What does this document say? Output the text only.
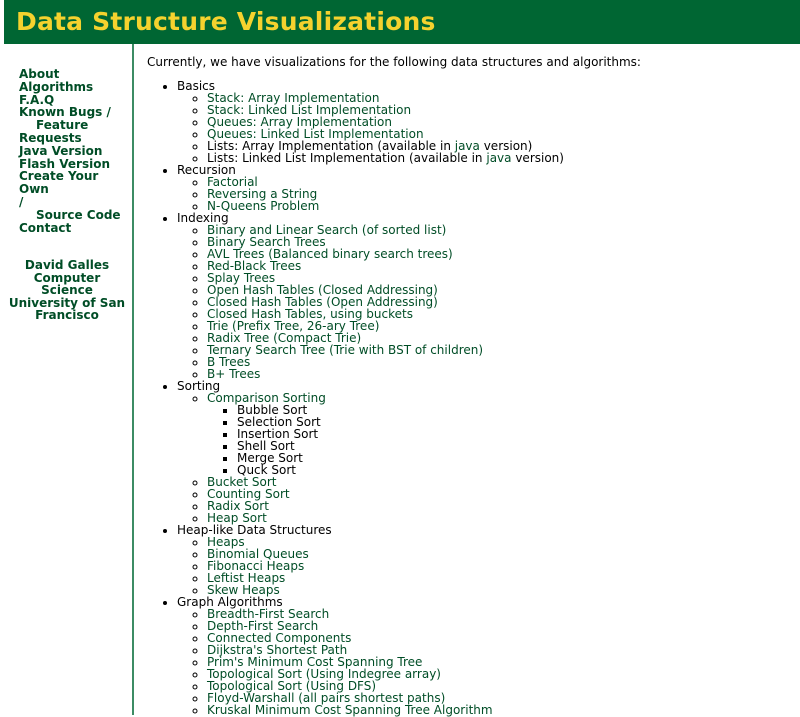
Data Structure Visualizations
About
Algorithms
F.A.Q
Known Bugs /
Feature
Requests
Java Version
Flash Version
Create Your Own
/
Source Code
Contact
David Galles
Computer Science
University of San
Francisco

Currently, we have visualizations for the following data structures and algorithms:

• Basics
◦ Stack: Array Implementation
◦ Stack: Linked List Implementation
◦ Queues: Array Implementation
◦ Queues: Linked List Implementation
◦ Lists: Array Implementation (available in java version)
◦ Lists: Linked List Implementation (available in java version)
• Recursion
◦ Factorial
◦ Reversing a String
◦ N-Queens Problem
• Indexing
◦ Binary and Linear Search (of sorted list)
◦ Binary Search Trees
◦ AVL Trees (Balanced binary search trees)
◦ Red-Black Trees
◦ Splay Trees
◦ Open Hash Tables (Closed Addressing)
◦ Closed Hash Tables (Open Addressing)
◦ Closed Hash Tables, using buckets
◦ Trie (Prefix Tree, 26-ary Tree)
◦ Radix Tree (Compact Trie)
◦ Ternary Search Tree (Trie with BST of children)
◦ B Trees
◦ B+ Trees
• Sorting
◦ Comparison Sorting
▪ Bubble Sort
▪ Selection Sort
▪ Insertion Sort
▪ Shell Sort
▪ Merge Sort
▪ Quck Sort
◦ Bucket Sort
◦ Counting Sort
◦ Radix Sort
◦ Heap Sort
• Heap-like Data Structures
◦ Heaps
◦ Binomial Queues
◦ Fibonacci Heaps
◦ Leftist Heaps
◦ Skew Heaps
• Graph Algorithms
◦ Breadth-First Search
◦ Depth-First Search
◦ Connected Components
◦ Dijkstra's Shortest Path
◦ Prim's Minimum Cost Spanning Tree
◦ Topological Sort (Using Indegree array)
◦ Topological Sort (Using DFS)
◦ Floyd-Warshall (all pairs shortest paths)
◦ Kruskal Minimum Cost Spanning Tree Algorithm
